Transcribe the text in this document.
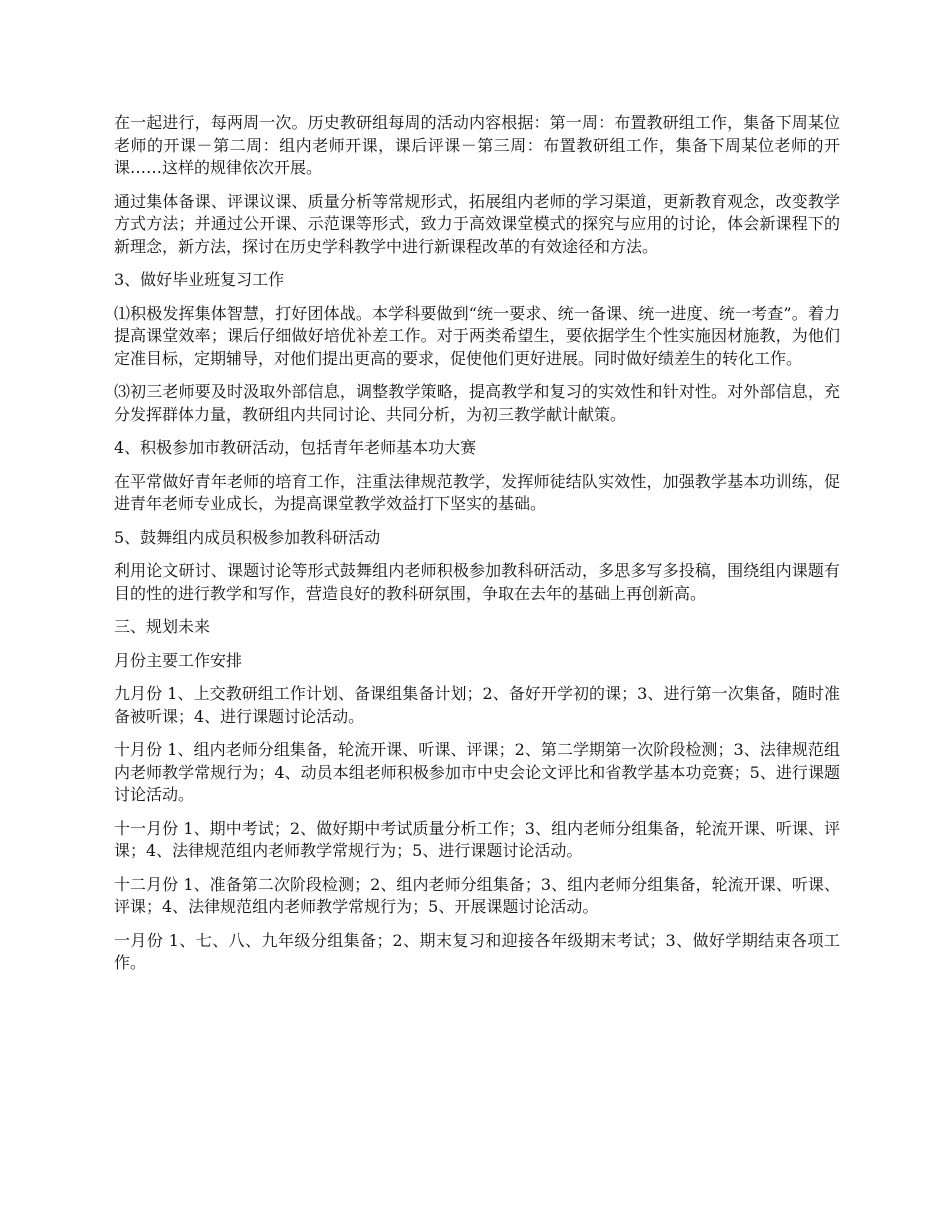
在一起进行，每两周一次。历史教研组每周的活动内容根据：第一周：布置教研组工作，集备下周某位老师的开课－第二周：组内老师开课，课后评课－第三周：布置教研组工作，集备下周某位老师的开课……这样的规律依次开展。

通过集体备课、评课议课、质量分析等常规形式，拓展组内老师的学习渠道，更新教育观念，改变教学方式方法；并通过公开课、示范课等形式，致力于高效课堂模式的探究与应用的讨论，体会新课程下的新理念，新方法，探讨在历史学科教学中进行新课程改革的有效途径和方法。

3、做好毕业班复习工作

⑴积极发挥集体智慧，打好团体战。本学科要做到“统一要求、统一备课、统一进度、统一考查”。着力提高课堂效率；课后仔细做好培优补差工作。对于两类希望生，要依据学生个性实施因材施教，为他们定准目标，定期辅导，对他们提出更高的要求，促使他们更好进展。同时做好绩差生的转化工作。

⑶初三老师要及时汲取外部信息，调整教学策略，提高教学和复习的实效性和针对性。对外部信息，充分发挥群体力量，教研组内共同讨论、共同分析，为初三教学献计献策。

4、积极参加市教研活动，包括青年老师基本功大赛

在平常做好青年老师的培育工作，注重法律规范教学，发挥师徒结队实效性，加强教学基本功训练，促进青年老师专业成长，为提高课堂教学效益打下坚实的基础。

5、鼓舞组内成员积极参加教科研活动

利用论文研讨、课题讨论等形式鼓舞组内老师积极参加教科研活动，多思多写多投稿，围绕组内课题有目的性的进行教学和写作，营造良好的教科研氛围，争取在去年的基础上再创新高。

三、规划未来

月份主要工作安排

九月份 1、上交教研组工作计划、备课组集备计划；2、备好开学初的课；3、进行第一次集备，随时准备被听课；4、进行课题讨论活动。

十月份 1、组内老师分组集备，轮流开课、听课、评课；2、第二学期第一次阶段检测；3、法律规范组内老师教学常规行为；4、动员本组老师积极参加市中史会论文评比和省教学基本功竞赛；5、进行课题讨论活动。

十一月份 1、期中考试；2、做好期中考试质量分析工作；3、组内老师分组集备，轮流开课、听课、评课；4、法律规范组内老师教学常规行为；5、进行课题讨论活动。

十二月份 1、准备第二次阶段检测；2、组内老师分组集备；3、组内老师分组集备，轮流开课、听课、评课；4、法律规范组内老师教学常规行为；5、开展课题讨论活动。

一月份 1、七、八、九年级分组集备；2、期末复习和迎接各年级期末考试；3、做好学期结束各项工作。
